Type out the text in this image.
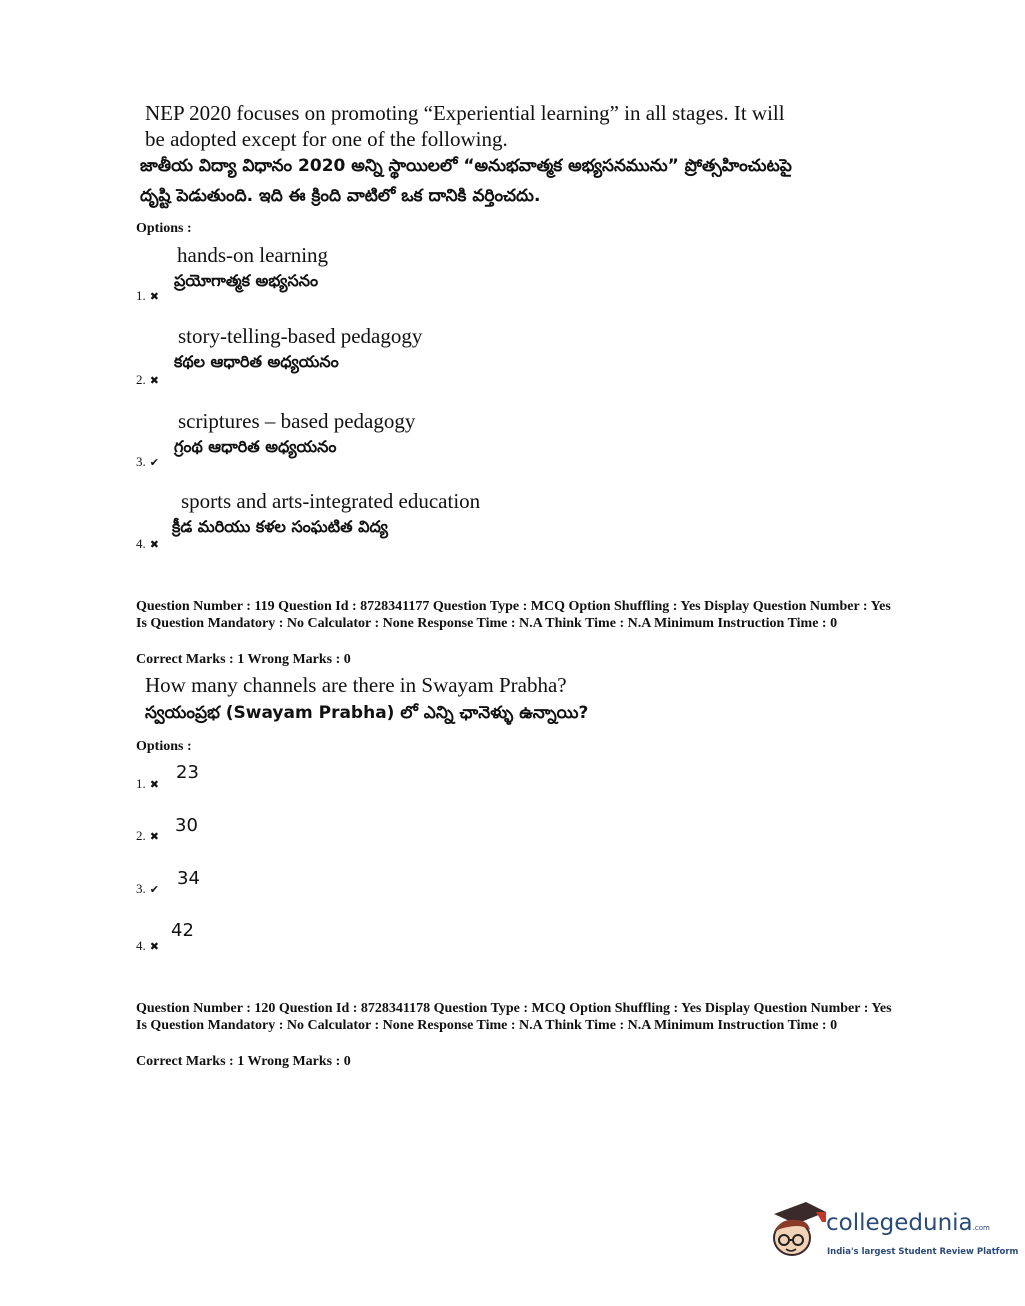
NEP 2020 focuses on promoting “Experiential learning” in all stages. It will
be adopted except for one of the following.
జాతీయ విద్యా విధానం 2020 అన్ని స్థాయిలలో “అనుభవాత్మక అభ్యసనమును” ప్రోత్సహించుటపై
దృష్టి పెడుతుంది. ఇది ఈ క్రింది వాటిలో ఒక దానికి వర్తించదు.
Options :
hands-on learning
ప్రయోగాత్మక అభ్యసనం
1. ✖
story-telling-based pedagogy
కథల ఆధారిత అధ్యయనం
2. ✖
scriptures – based pedagogy
గ్రంథ ఆధారిత అధ్యయనం
3. ✔
sports and arts-integrated education
క్రీడ మరియు కళల సంఘటిత విద్య
4. ✖
Question Number : 119 Question Id : 8728341177 Question Type : MCQ Option Shuffling : Yes Display Question Number : Yes Is Question Mandatory : No Calculator : None Response Time : N.A Think Time : N.A Minimum Instruction Time : 0
Correct Marks : 1 Wrong Marks : 0
How many channels are there in Swayam Prabha?
స్వయంప్రభ (Swayam Prabha) లో ఎన్ని ఛానెళ్ళు ఉన్నాయి?
Options :
23
1. ✖
30
2. ✖
34
3. ✔
42
4. ✖
Question Number : 120 Question Id : 8728341178 Question Type : MCQ Option Shuffling : Yes Display Question Number : Yes Is Question Mandatory : No Calculator : None Response Time : N.A Think Time : N.A Minimum Instruction Time : 0
Correct Marks : 1 Wrong Marks : 0
collegedunia.com
India's largest Student Review Platform
